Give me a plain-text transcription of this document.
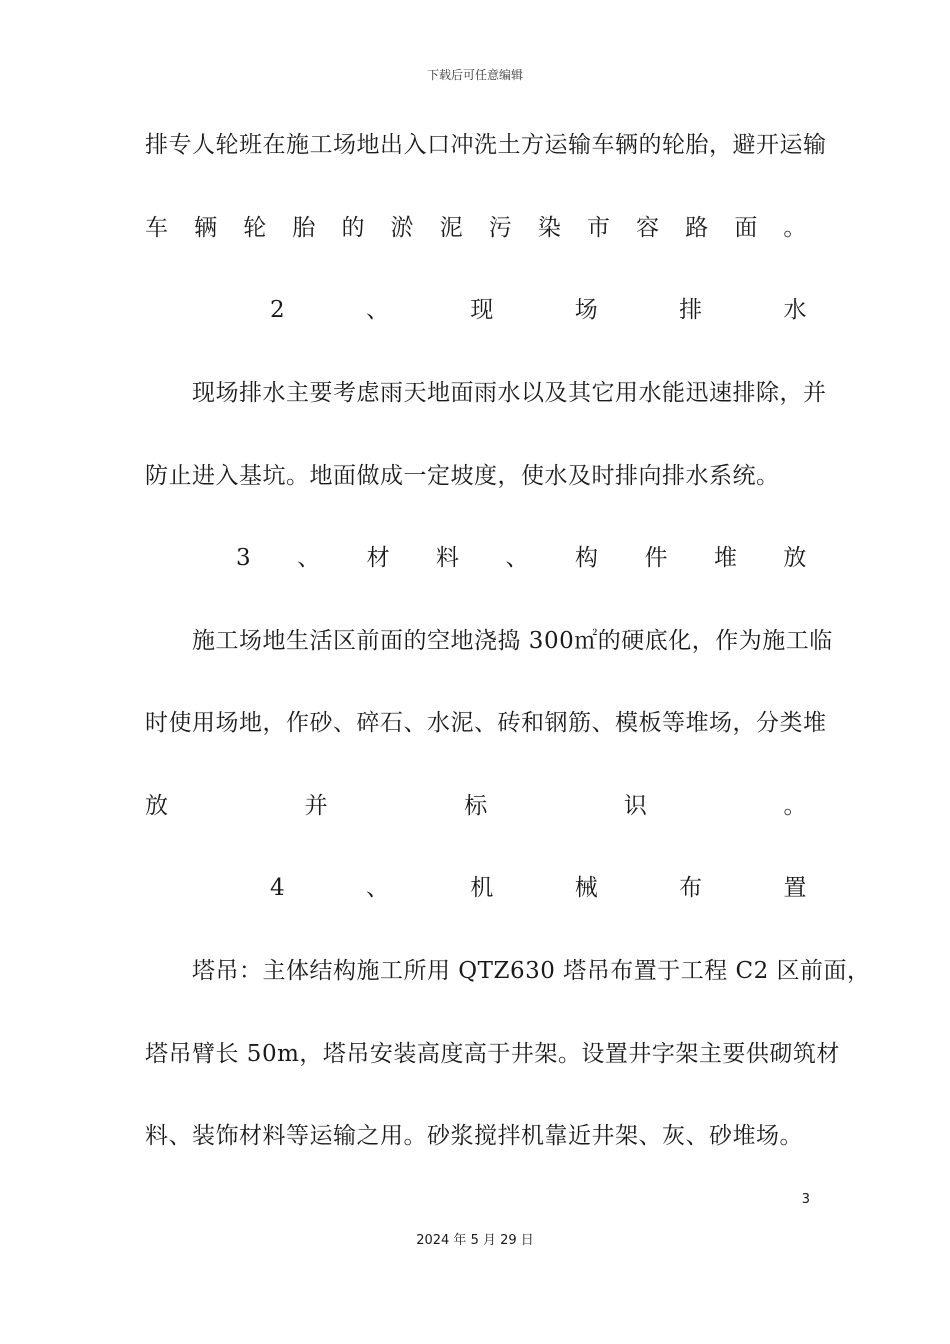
下载后可任意编辑

排专人轮班在施工场地出入口冲洗土方运输车辆的轮胎，避开运输

车 辆 轮 胎 的 淤 泥 污 染 市 容 路 面 。

2	、	现	场	排	水

现场排水主要考虑雨天地面雨水以及其它用水能迅速排除，并

防止进入基坑。地面做成一定坡度，使水及时排向排水系统。

3 、 材 料 、 构 件 堆 放

施工场地生活区前面的空地浇捣 300㎡的硬底化，作为施工临

时使用场地，作砂、碎石、水泥、砖和钢筋、模板等堆场，分类堆

放	并	标	识	。

4	、	机	械	布	置

塔吊：主体结构施工所用 QTZ630 塔吊布置于工程 C2 区前面，

塔吊臂长 50m，塔吊安装高度高于井架。设置井字架主要供砌筑材

料、装饰材料等运输之用。砂浆搅拌机靠近井架、灰、砂堆场。

3
2024 年 5 月 29 日
